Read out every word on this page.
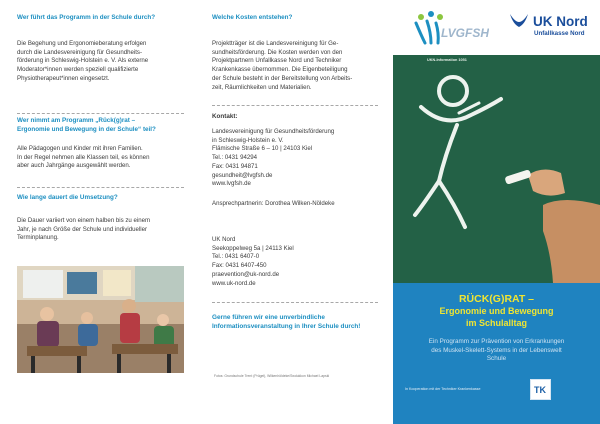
Wer führt das Programm in der Schule durch?
Die Begehung und Ergonomieberatung erfolgen
durch die Landesvereinigung für Gesundheits-
förderung in Schleswig-Holstein e. V. Als externe
Moderator*innen werden speziell qualifizierte
Physiotherapeut*innen eingesetzt.
Wer nimmt am Programm „Rück(g)rat –
Ergonomie und Bewegung in der Schule“ teil?
Alle Pädagogen und Kinder mit ihren Familien.
In der Regel nehmen alle Klassen teil, es können
aber auch Jahrgänge ausgewählt werden.
Wie lange dauert die Umsetzung?
Die Dauer variiert von einem halben bis zu einem
Jahr, je nach Größe der Schule und individueller
Terminplanung.
Welche Kosten entstehen?
Projektträger ist die Landesvereinigung für Ge-
sundheitsförderung. Die Kosten werden von den
Projektpartnern Unfallkasse Nord und Techniker
Krankenkasse übernommen. Die Eigenbeteiligung
der Schule besteht in der Bereitstellung von Arbeits-
zeit, Räumlichkeiten und Materialien.
Kontakt:
Landesvereinigung für Gesundheitsförderung
in Schleswig-Holstein e. V.
Flämische Straße 6 – 10 | 24103 Kiel
Tel.: 0431 94294
Fax: 0431 94871
gesundheit@lvgfsh.de
www.lvgfsh.de
Ansprechpartnerin: Dorothea Wilken-Nöldeke
UK Nord
Seekoppelweg 5a | 24113 Kiel
Tel.: 0431 6407-0
Fax: 0431 6407-450
praevention@uk-nord.de
www.uk-nord.de
Gerne führen wir eine unverbindliche
Informationsveranstaltung in Ihrer Schule durch!
Fotos: Grundschule Trent (Prügel), Wilkenhöldeke/Swdukkon Michael Lapski
LVGFSH
UK Nord
Unfallkasse Nord
UKN-Information 1051
RÜCK(G)RAT –
Ergonomie und Bewegung
im Schulalltag
Ein Programm zur Prävention von Erkrankungen
des Muskel-Skelett-Systems in der Lebenswelt
Schule
In Kooperation mit der Techniker Krankenkasse	TK
